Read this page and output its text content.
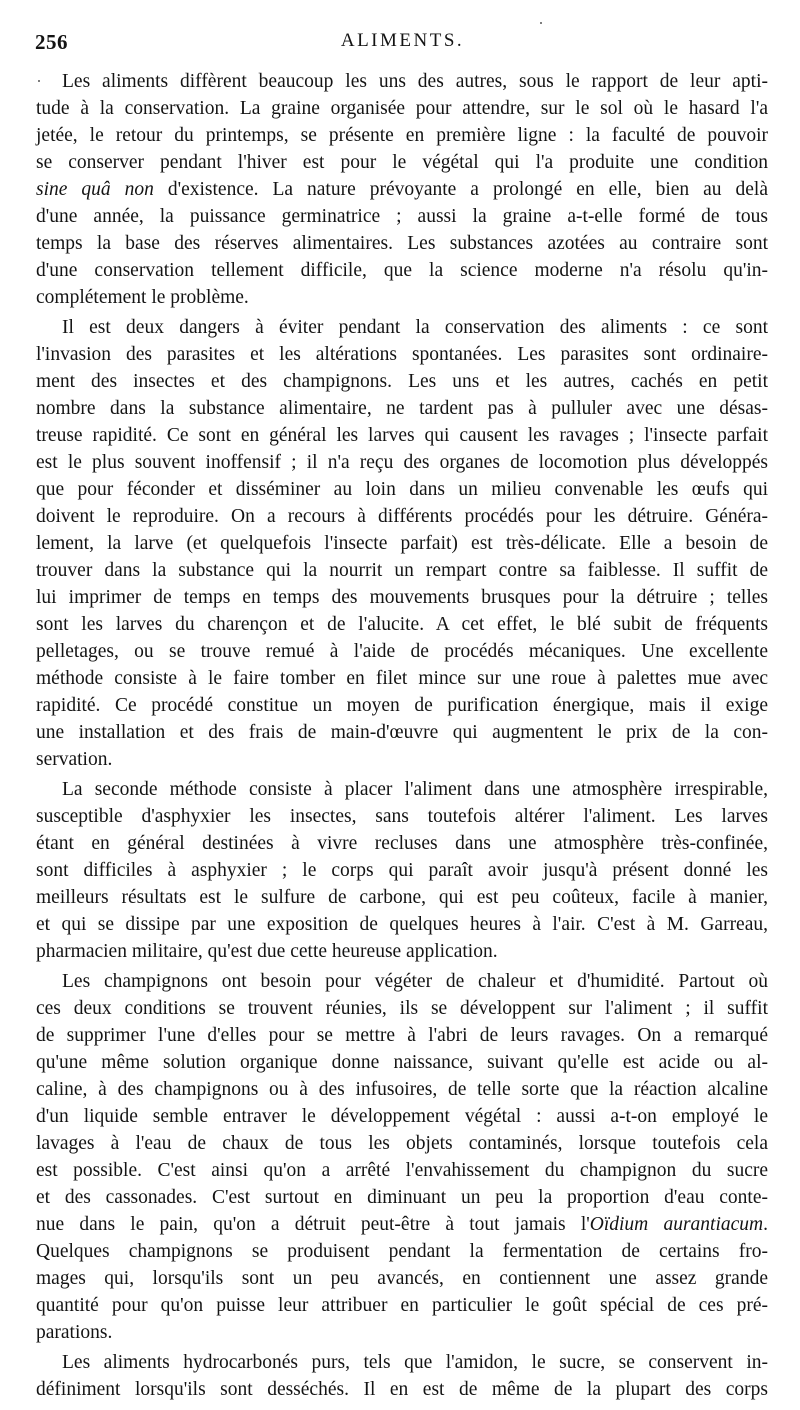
256	ALIMENTS.
Les aliments diffèrent beaucoup les uns des autres, sous le rapport de leur apti-
tude à la conservation. La graine organisée pour attendre, sur le sol où le hasard l'a
jetée, le retour du printemps, se présente en première ligne : la faculté de pouvoir
se conserver pendant l'hiver est pour le végétal qui l'a produite une condition
sine quâ non d'existence. La nature prévoyante a prolongé en elle, bien au delà
d'une année, la puissance germinatrice ; aussi la graine a-t-elle formé de tous
temps la base des réserves alimentaires. Les substances azotées au contraire sont
d'une conservation tellement difficile, que la science moderne n'a résolu qu'in-
complétement le problème.
Il est deux dangers à éviter pendant la conservation des aliments : ce sont
l'invasion des parasites et les altérations spontanées. Les parasites sont ordinaire-
ment des insectes et des champignons. Les uns et les autres, cachés en petit
nombre dans la substance alimentaire, ne tardent pas à pulluler avec une désas-
treuse rapidité. Ce sont en général les larves qui causent les ravages ; l'insecte parfait
est le plus souvent inoffensif ; il n'a reçu des organes de locomotion plus développés
que pour féconder et disséminer au loin dans un milieu convenable les œufs qui
doivent le reproduire. On a recours à différents procédés pour les détruire. Généra-
lement, la larve (et quelquefois l'insecte parfait) est très-délicate. Elle a besoin de
trouver dans la substance qui la nourrit un rempart contre sa faiblesse. Il suffit de
lui imprimer de temps en temps des mouvements brusques pour la détruire ; telles
sont les larves du charençon et de l'alucite. A cet effet, le blé subit de fréquents
pelletages, ou se trouve remué à l'aide de procédés mécaniques. Une excellente
méthode consiste à le faire tomber en filet mince sur une roue à palettes mue avec
rapidité. Ce procédé constitue un moyen de purification énergique, mais il exige
une installation et des frais de main-d'œuvre qui augmentent le prix de la con-
servation.
La seconde méthode consiste à placer l'aliment dans une atmosphère irrespirable,
susceptible d'asphyxier les insectes, sans toutefois altérer l'aliment. Les larves
étant en général destinées à vivre recluses dans une atmosphère très-confinée,
sont difficiles à asphyxier ; le corps qui paraît avoir jusqu'à présent donné les
meilleurs résultats est le sulfure de carbone, qui est peu coûteux, facile à manier,
et qui se dissipe par une exposition de quelques heures à l'air. C'est à M. Garreau,
pharmacien militaire, qu'est due cette heureuse application.
Les champignons ont besoin pour végéter de chaleur et d'humidité. Partout où
ces deux conditions se trouvent réunies, ils se développent sur l'aliment ; il suffit
de supprimer l'une d'elles pour se mettre à l'abri de leurs ravages. On a remarqué
qu'une même solution organique donne naissance, suivant qu'elle est acide ou al-
caline, à des champignons ou à des infusoires, de telle sorte que la réaction alcaline
d'un liquide semble entraver le développement végétal : aussi a-t-on employé le
lavages à l'eau de chaux de tous les objets contaminés, lorsque toutefois cela
est possible. C'est ainsi qu'on a arrêté l'envahissement du champignon du sucre
et des cassonades. C'est surtout en diminuant un peu la proportion d'eau conte-
nue dans le pain, qu'on a détruit peut-être à tout jamais l'Oïdium aurantiacum.
Quelques champignons se produisent pendant la fermentation de certains fro-
mages qui, lorsqu'ils sont un peu avancés, en contiennent une assez grande
quantité pour qu'on puisse leur attribuer en particulier le goût spécial de ces pré-
parations.
Les aliments hydrocarbonés purs, tels que l'amidon, le sucre, se conservent in-
définiment lorsqu'ils sont desséchés. Il en est de même de la plupart des corps
